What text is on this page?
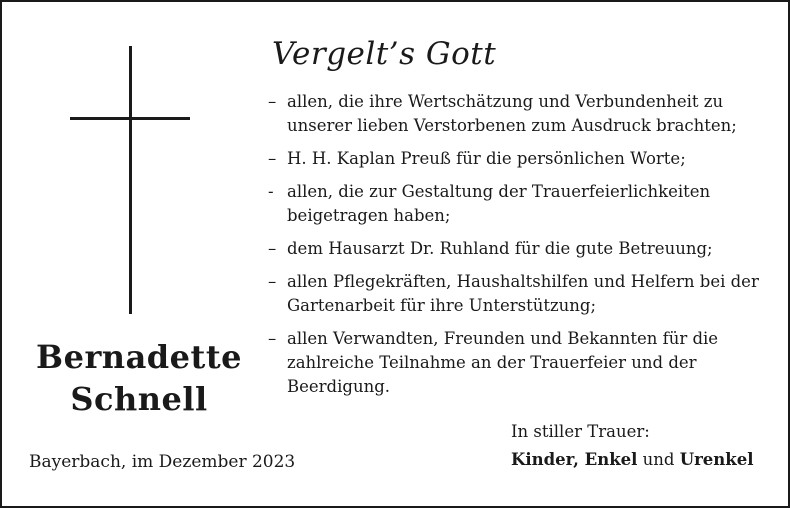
Bernadette
Schnell
Bayerbach, im Dezember 2023
Vergelt’s Gott
– allen, die ihre Wertschätzung und Verbundenheit zu unserer lieben Verstorbenen zum Ausdruck brachten;
– H. H. Kaplan Preuß für die persönlichen Worte;
- allen, die zur Gestaltung der Trauerfeierlichkeiten beigetragen haben;
– dem Hausarzt Dr. Ruhland für die gute Betreuung;
– allen Pflegekräften, Haushaltshilfen und Helfern bei der Gartenarbeit für ihre Unterstützung;
– allen Verwandten, Freunden und Bekannten für die zahlreiche Teilnahme an der Trauerfeier und der Beerdigung.
In stiller Trauer:
Kinder, Enkel und Urenkel
